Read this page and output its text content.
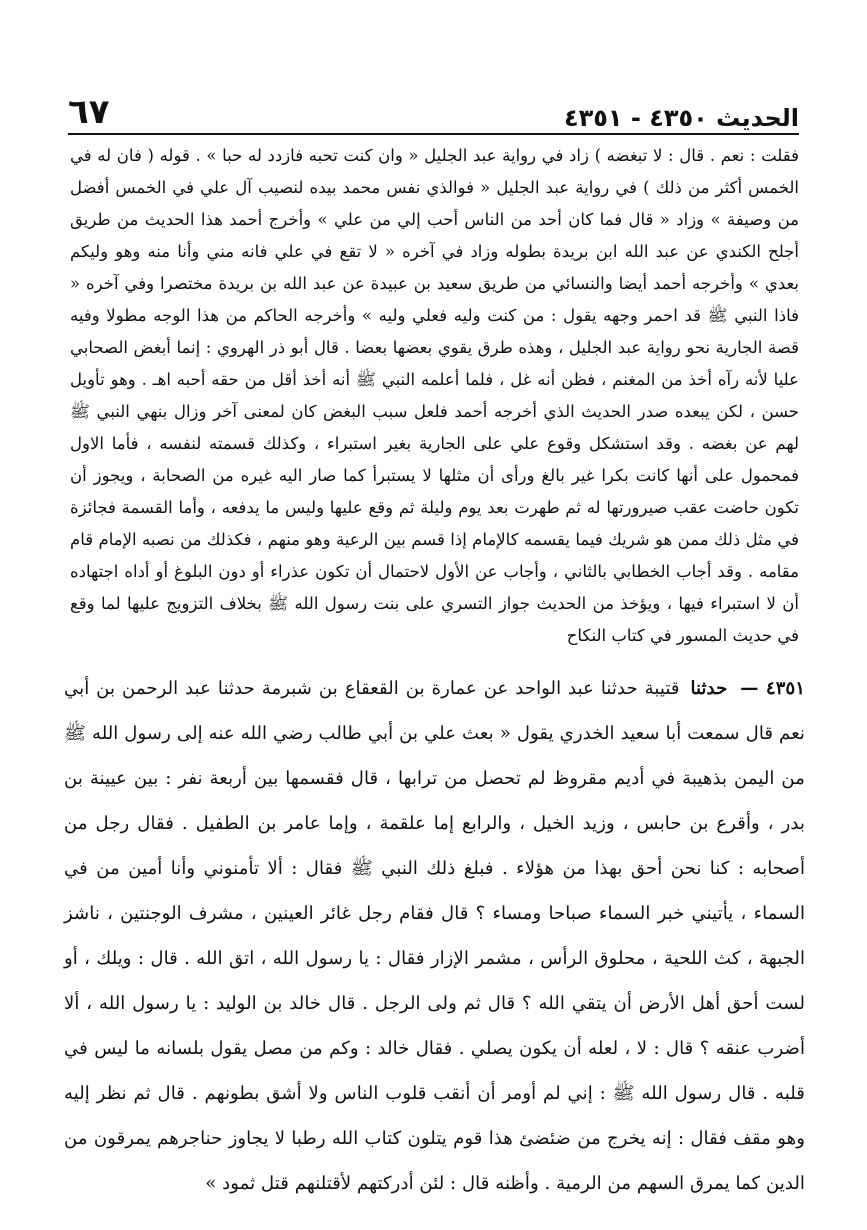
الحديث ٤٣٥٠ - ٤٣٥١
٦٧

فقلت : نعم . قال : لا تبغضه ) زاد في رواية عبد الجليل « وان كنت تحبه فازدد له حبا » . قوله ( فان له في الخمس أكثر من ذلك ) في رواية عبد الجليل « فوالذي نفس محمد بيده لنصيب آل علي في الخمس أفضل من وصيفة » وزاد « قال فما كان أحد من الناس أحب إلي من علي » وأخرج أحمد هذا الحديث من طريق أجلح الكندي عن عبد الله ابن بريدة بطوله وزاد في آخره « لا تقع في علي فانه مني وأنا منه وهو وليكم بعدي » وأخرجه أحمد أيضا والنسائي من طريق سعيد بن عبيدة عن عبد الله بن بريدة مختصرا وفي آخره « فاذا النبي ﷺ قد احمر وجهه يقول : من كنت وليه فعلي وليه » وأخرجه الحاكم من هذا الوجه مطولا وفيه قصة الجارية نحو رواية عبد الجليل ، وهذه طرق يقوي بعضها بعضا . قال أبو ذر الهروي : إنما أبغض الصحابي عليا لأنه رآه أخذ من المغنم ، فظن أنه غل ، فلما أعلمه النبي ﷺ أنه أخذ أقل من حقه أحبه اهـ . وهو تأويل حسن ، لكن يبعده صدر الحديث الذي أخرجه أحمد فلعل سبب البغض كان لمعنى آخر وزال بنهي النبي ﷺ لهم عن بغضه . وقد استشكل وقوع علي على الجارية بغير استبراء ، وكذلك قسمته لنفسه ، فأما الاول فمحمول على أنها كانت بكرا غير بالغ ورأى أن مثلها لا يستبرأ كما صار اليه غيره من الصحابة ، ويجوز أن تكون حاضت عقب صيرورتها له ثم طهرت بعد يوم وليلة ثم وقع عليها وليس ما يدفعه ، وأما القسمة فجائزة في مثل ذلك ممن هو شريك فيما يقسمه كالإمام إذا قسم بين الرعية وهو منهم ، فكذلك من نصبه الإمام قام مقامه . وقد أجاب الخطابي بالثاني ، وأجاب عن الأول لاحتمال أن تكون عذراء أو دون البلوغ أو أداه اجتهاده أن لا استبراء فيها ، ويؤخذ من الحديث جواز التسري على بنت رسول الله ﷺ بخلاف التزويج عليها لما وقع في حديث المسور في كتاب النكاح

٤٣٥١ — حدثنا قتيبة حدثنا عبد الواحد عن عمارة بن القعقاع بن شبرمة حدثنا عبد الرحمن بن أبي نعم قال سمعت أبا سعيد الخدري يقول « بعث علي بن أبي طالب رضي الله عنه إلى رسول الله ﷺ من اليمن بذهيبة في أديم مقروظ لم تحصل من ترابها ، قال فقسمها بين أربعة نفر : بين عيينة بن بدر ، وأقرع بن حابس ، وزيد الخيل ، والرابع إما علقمة ، وإما عامر بن الطفيل . فقال رجل من أصحابه : كنا نحن أحق بهذا من هؤلاء . فبلغ ذلك النبي ﷺ فقال : ألا تأمنوني وأنا أمين من في السماء ، يأتيني خبر السماء صباحا ومساء ؟ قال فقام رجل غائر العينين ، مشرف الوجنتين ، ناشز الجبهة ، كث اللحية ، محلوق الرأس ، مشمر الإزار فقال : يا رسول الله ، اتق الله . قال : ويلك ، أو لست أحق أهل الأرض أن يتقي الله ؟ قال ثم ولى الرجل . قال خالد بن الوليد : يا رسول الله ، ألا أضرب عنقه ؟ قال : لا ، لعله أن يكون يصلي . فقال خالد : وكم من مصل يقول بلسانه ما ليس في قلبه . قال رسول الله ﷺ : إني لم أومر أن أنقب قلوب الناس ولا أشق بطونهم . قال ثم نظر إليه وهو مقف فقال : إنه يخرج من ضئضئ هذا قوم يتلون كتاب الله رطبا لا يجاوز حناجرهم يمرقون من الدين كما يمرق السهم من الرمية . وأظنه قال : لئن أدركتهم لأقتلنهم قتل ثمود »
